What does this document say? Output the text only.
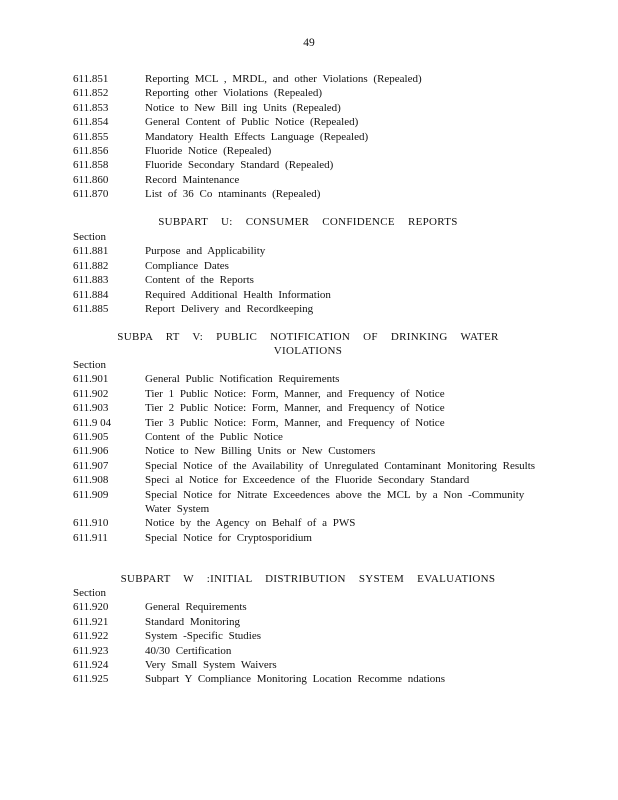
49
611.851	Reporting MCL , MRDL, and other Violations (Repealed)
611.852	Reporting other Violations (Repealed)
611.853	Notice to New Bill ing Units (Repealed)
611.854	General Content of Public Notice (Repealed)
611.855	Mandatory Health Effects Language (Repealed)
611.856	Fluoride Notice (Repealed)
611.858	Fluoride Secondary Standard (Repealed)
611.860	Record Maintenance
611.870	List of 36 Co ntaminants (Repealed)
SUBPART U: CONSUMER CONFIDENCE REPORTS
Section
611.881	Purpose and Applicability
611.882	Compliance Dates
611.883	Content of the Reports
611.884	Required Additional Health Information
611.885	Report Delivery and Recordkeeping
SUBPA RT V: PUBLIC NOTIFICATION OF DRINKING WATER
VIOLATIONS
Section
611.901	General Public Notification Requirements
611.902	Tier 1 Public Notice: Form, Manner, and Frequency of Notice
611.903	Tier 2 Public Notice: Form, Manner, and Frequency of Notice
611.9 04	Tier 3 Public Notice: Form, Manner, and Frequency of Notice
611.905	Content of the Public Notice
611.906	Notice to New Billing Units or New Customers
611.907	Special Notice of the Availability of Unregulated Contaminant Monitoring Results
611.908	Speci al Notice for Exceedence of the Fluoride Secondary Standard
611.909	Special Notice for Nitrate Exceedences above the MCL by a Non -Community Water System
611.910	Notice by the Agency on Behalf of a PWS
611.911	Special Notice for Cryptosporidium
SUBPART W :INITIAL DISTRIBUTION SYSTEM EVALUATIONS
Section
611.920	General Requirements
611.921	Standard Monitoring
611.922	System -Specific Studies
611.923	40/30 Certification
611.924	Very Small System Waivers
611.925	Subpart Y Compliance Monitoring Location Recomme ndations
